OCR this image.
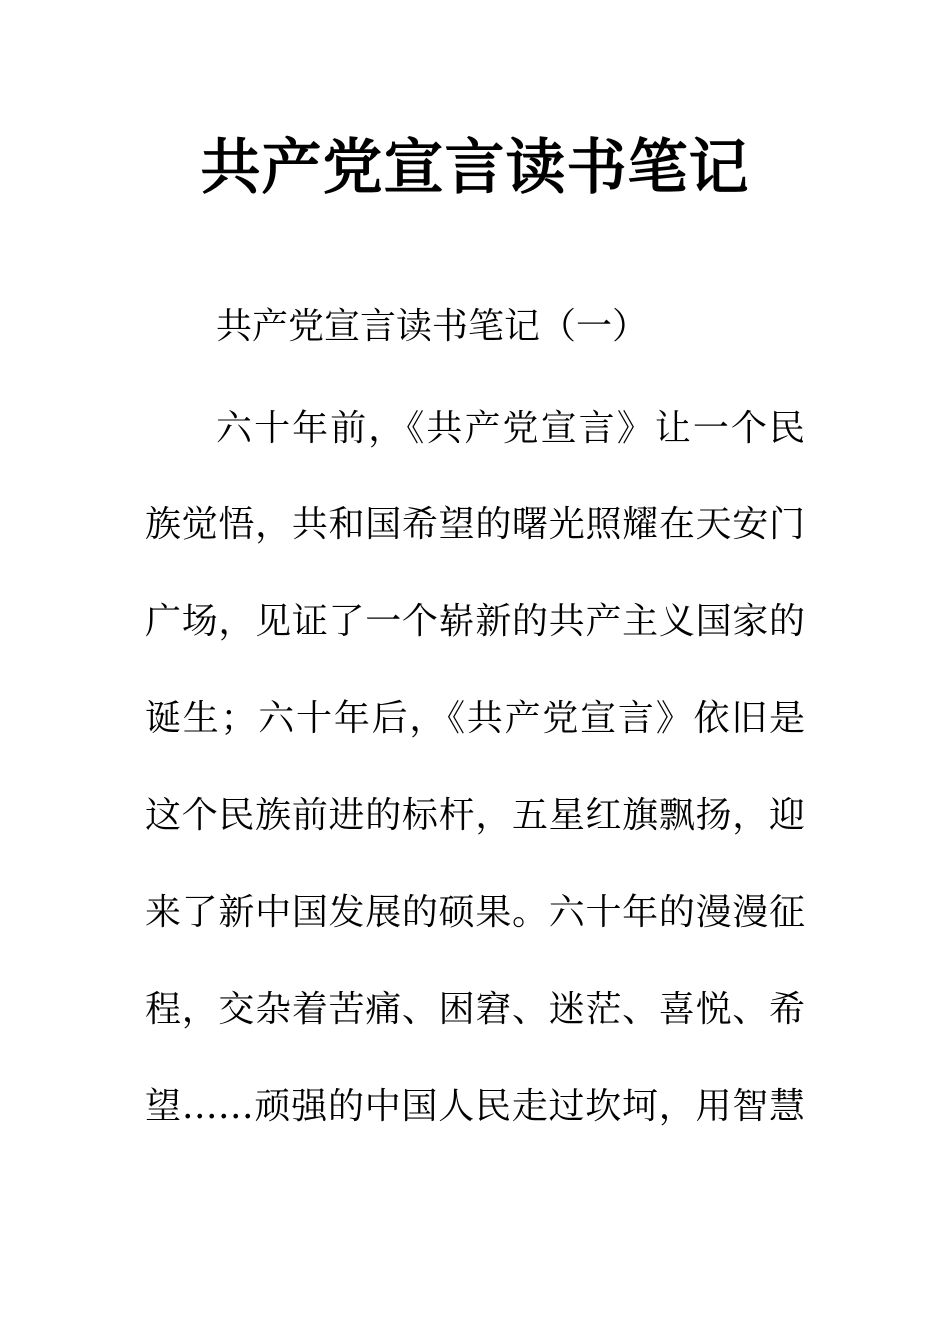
共产党宣言读书笔记
共产党宣言读书笔记（一）
六十年前，《共产党宣言》让一个民
族觉悟，共和国希望的曙光照耀在天安门
广场，见证了一个崭新的共产主义国家的
诞生；六十年后，《共产党宣言》依旧是
这个民族前进的标杆，五星红旗飘扬，迎
来了新中国发展的硕果。六十年的漫漫征
程，交杂着苦痛、困窘、迷茫、喜悦、希
望……顽强的中国人民走过坎坷，用智慧
